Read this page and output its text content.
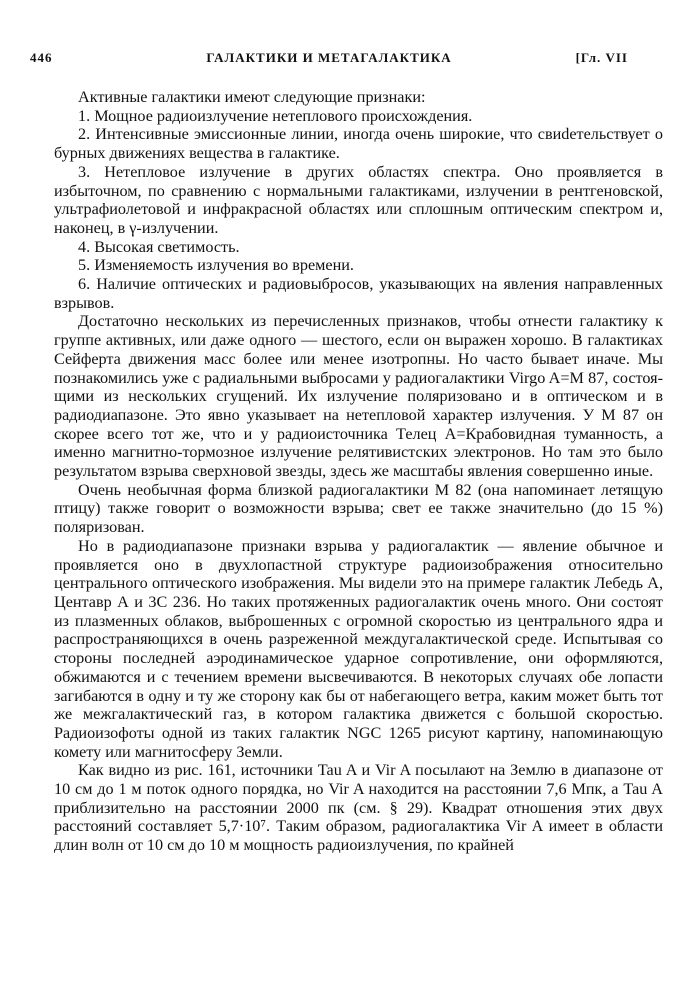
446	ГАЛАКТИКИ И МЕТАГАЛАКТИКА	[Гл. VII

Активные галактики имеют следующие признаки:

1. Мощное радиоизлучение нетеплового происхождения.

2. Интенсивные эмиссионные линии, иногда очень широкие, что свиdетельствует о бурных движениях вещества в галактике.

3. Нетепловое излучение в других областях спектра. Оно проявляется в избыточном, по сравнению с нормальными галактиками, излучении в рентгеновской, ультрафиолетовой и инфракрасной областях или сплошным оптическим спектром и, наконец, в γ-излучении.

4. Высокая светимость.

5. Изменяемость излучения во времени.

6. Наличие оптических и радиовыбросов, указывающих на явления направленных взрывов.

Достаточно нескольких из перечисленных признаков, чтобы отнести галактику к группе активных, или даже одного — шестого, если он выражен хорошо. В галактиках Сейферта движения масс более или менее изотропны. Но часто бывает иначе. Мы познакомились уже с радиальными выбросами у радиогалактики Virgo A=M 87, состоящими из нескольких сгущений. Их излучение поляризовано и в оптическом и в радиодиапазоне. Это явно указывает на нетепловой характер излучения. У М 87 он скорее всего тот же, что и у радиоисточника Телец A=Крабовидная туманность, а именно магнитно-тормозное излучение релятивистских электронов. Но там это было результатом взрыва сверхновой звезды, здесь же масштабы явления совершенно иные.

Очень необычная форма близкой радиогалактики М 82 (она напоминает летящую птицу) также говорит о возможности взрыва; свет ее также значительно (до 15 %) поляризован.

Но в радиодиапазоне признаки взрыва у радиогалактик — явление обычное и проявляется оно в двухлопастной структуре радиоизображения относительно центрального оптического изображения. Мы видели это на примере галактик Лебедь А, Центавр А и 3С 236. Но таких протяженных радиогалактик очень много. Они состоят из плазменных облаков, выброшенных с огромной скоростью из центрального ядра и распространяющихся в очень разреженной междугалактической среде. Испытывая со стороны последней аэродинамическое ударное сопротивление, они оформляются, обжимаются и с течением времени высвечиваются. В некоторых случаях обе лопасти загибаются в одну и ту же сторону как бы от набегающего ветра, каким может быть тот же межгалактический газ, в котором галактика движется с большой скоростью. Радиоизофоты одной из таких галактик NGC 1265 рисуют картину, напоминающую комету или магнитосферу Земли.

Как видно из рис. 161, источники Tau A и Vir A посылают на Землю в диапазоне от 10 см до 1 м поток одного порядка, но Vir A находится на расстоянии 7,6 Мпк, а Tau A приблизительно на расстоянии 2000 пк (см. § 29). Квадрат отношения этих двух расстояний составляет 5,7·10⁷. Таким образом, радиогалактика Vir A имеет в области длин волн от 10 см до 10 м мощность радиоизлучения, по крайней
